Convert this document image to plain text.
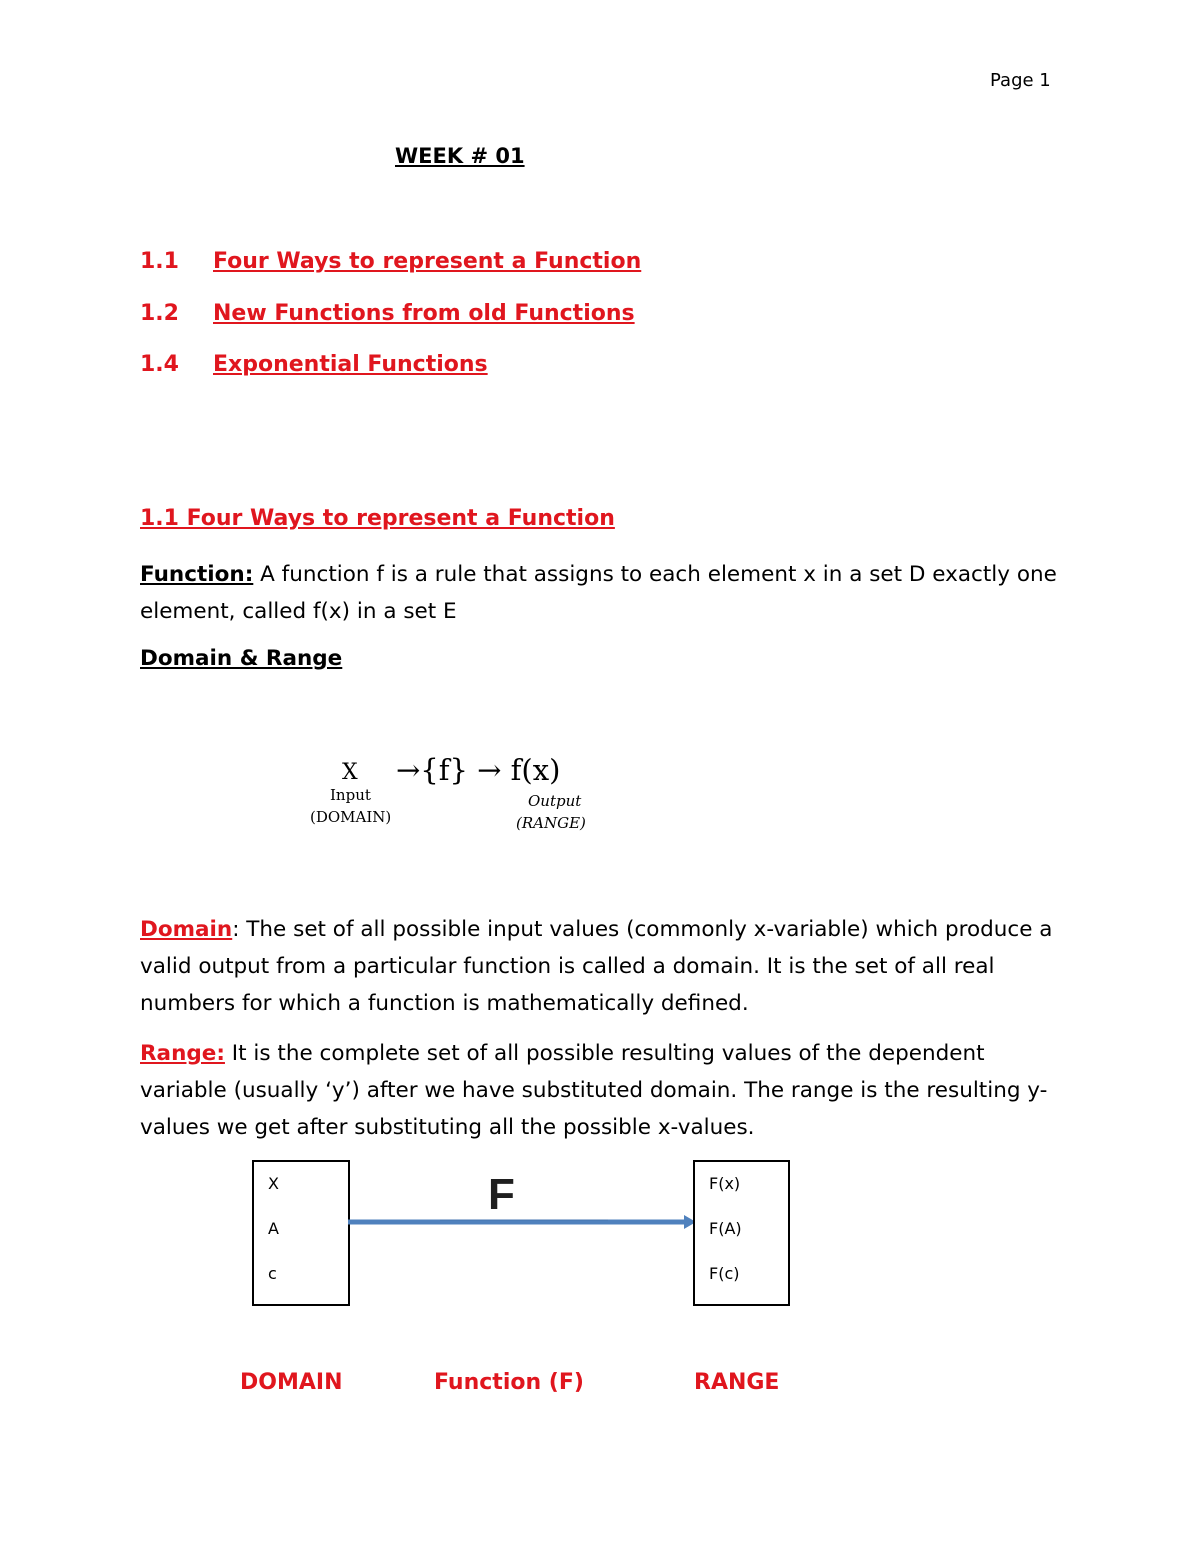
Page 1
WEEK # 01
1.1	Four Ways to represent a Function
1.2	New Functions from old Functions
1.4	Exponential Functions
1.1 Four Ways to represent a Function
Function: A function f is a rule that assigns to each element x in a set D exactly one element, called f(x) in a set E
Domain & Range
X
Input
(DOMAIN)
→{f} → f(x)
Output
(RANGE)
Domain: The set of all possible input values (commonly x-variable) which produce a valid output from a particular function is called a domain. It is the set of all real numbers for which a function is mathematically defined.
Range: It is the complete set of all possible resulting values of the dependent variable (usually ‘y’) after we have substituted domain. The range is the resulting y-values we get after substituting all the possible x-values.
X
A
c
F	F(x)
F(A)
F(c)
DOMAIN	Function (F)	RANGE
